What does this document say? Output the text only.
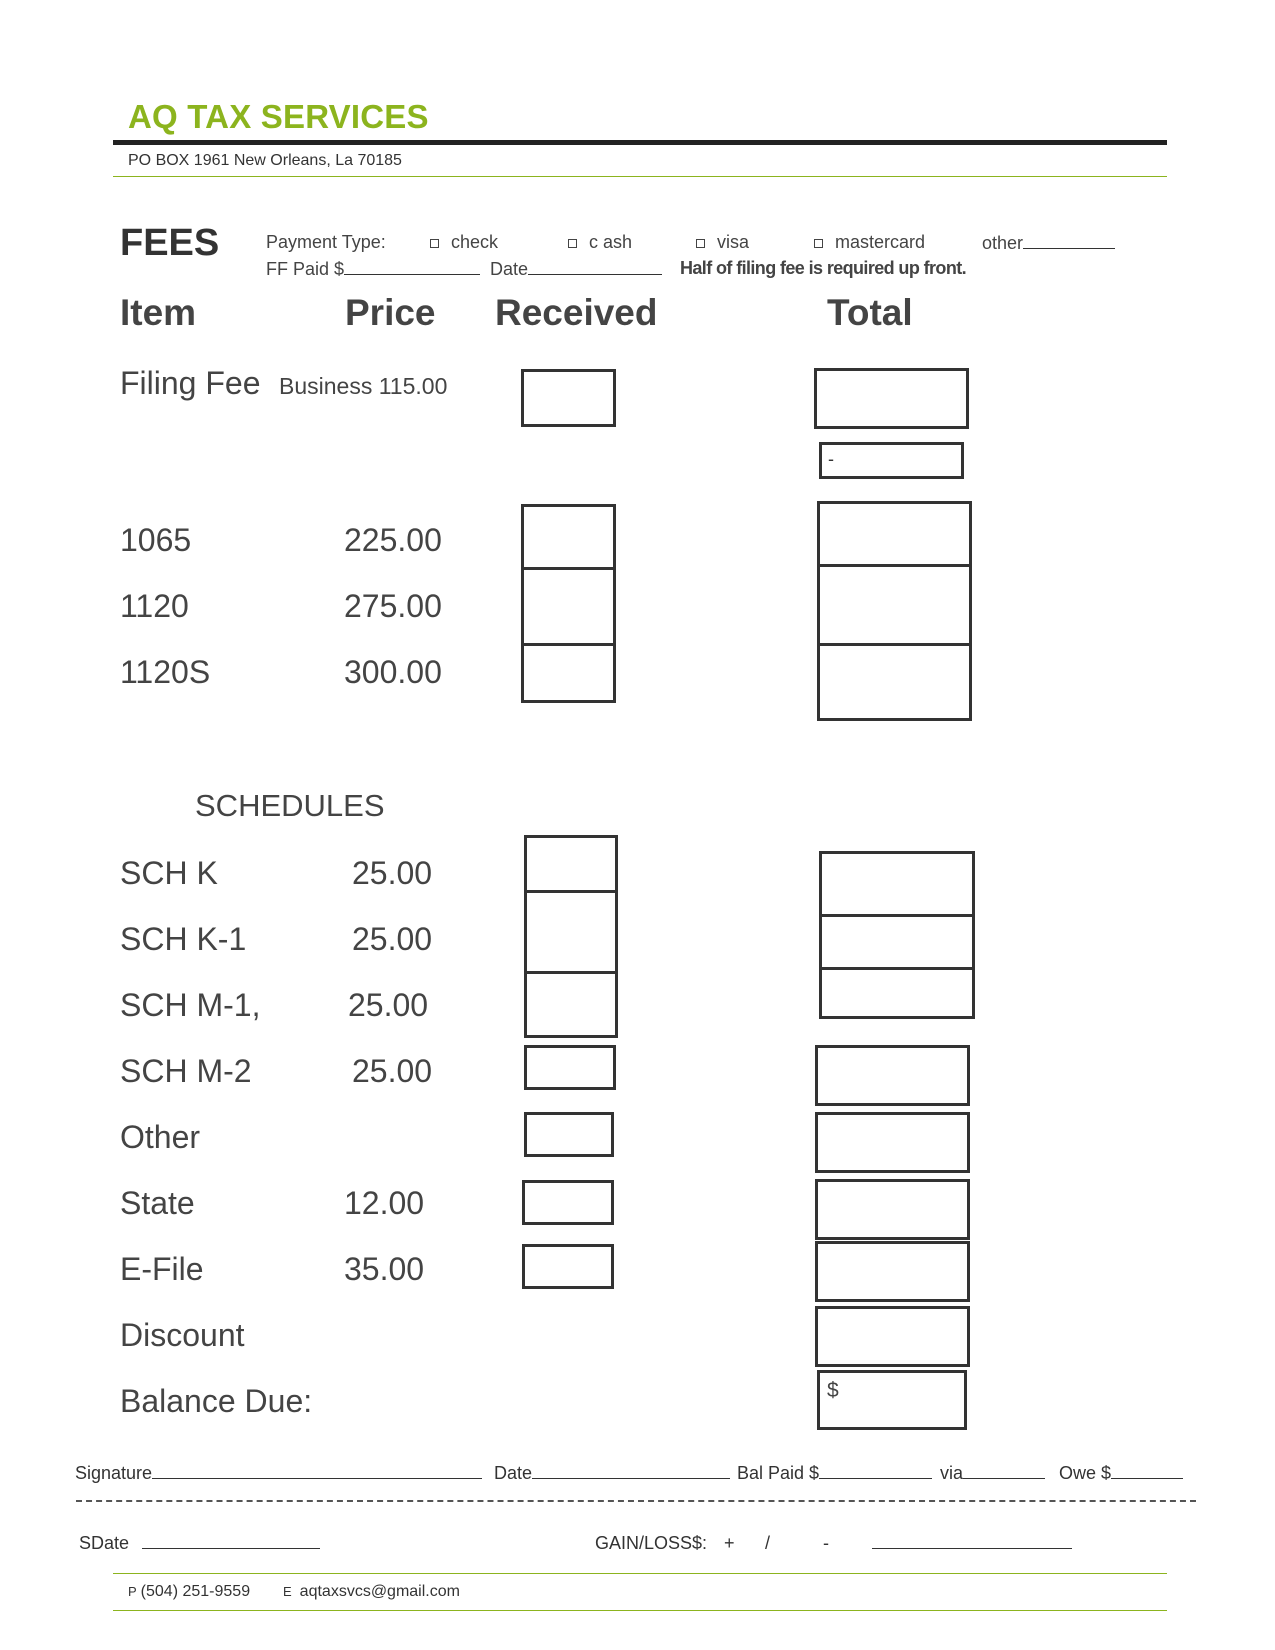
AQ TAX SERVICES
PO BOX 1961 New Orleans, La 70185
FEES	Payment Type:	check	c ash	visa	mastercard	other
FF Paid $	Date	Half of filing fee is required up front.
Item	Price Received	Total
Filing Fee Business 115.00
-
1065	225.00
1120	275.00
1120S	300.00
SCHEDULES
SCH K	25.00
SCH K-1	25.00
SCH M-1,	25.00
SCH M-2	25.00
Other
State	12.00
E-File	35.00
Discount
Balance Due:	$
Signature	Date	Bal Paid $	via	Owe $
SDate	GAIN/LOSS$: + /	-
P (504) 251-9559	E aqtaxsvcs@gmail.com
